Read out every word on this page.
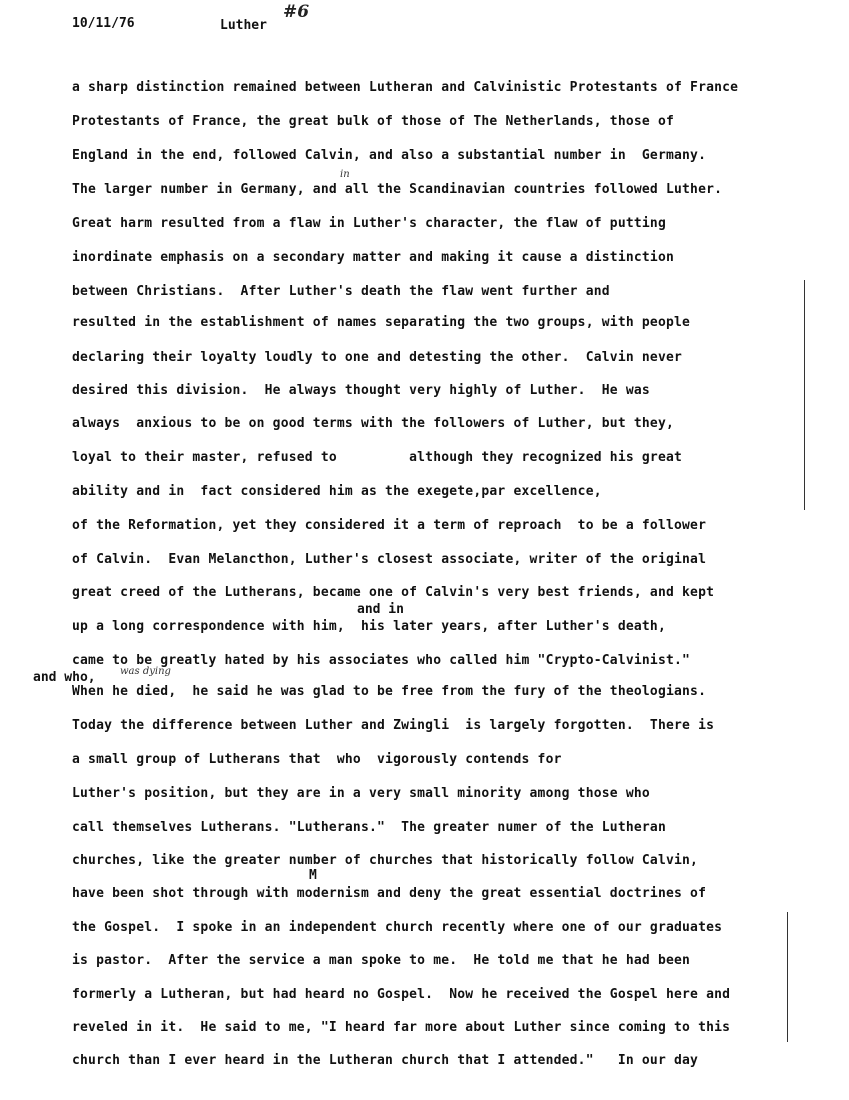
10/11/76	Luther
#6
a sharp distinction remained between Lutheran and Calvinistic Protestants of France
Protestants of France, the great bulk of those of The Netherlands, those of
England in the end, followed Calvin, and also a substantial number in  Germany.
The larger number in Germany, and all the Scandinavian countries followed Luther.
Great harm resulted from a flaw in Luther's character, the flaw of putting
inordinate emphasis on a secondary matter and making it cause a distinction
between Christians.  After Luther's death the flaw went further and
resulted in the establishment of names separating the two groups, with people
declaring their loyalty loudly to one and detesting the other.  Calvin never
desired this division.  He always thought very highly of Luther.  He was
always  anxious to be on good terms with the followers of Luther, but they,
loyal to their master, refused to         although they recognized his great
ability and in  fact considered him as the exegete,par excellence,
of the Reformation, yet they considered it a term of reproach  to be a follower
of Calvin.  Evan Melancthon, Luther's closest associate, writer of the original
great creed of the Lutherans, became one of Calvin's very best friends, and kept
up a long correspondence with him,  his later years, after Luther's death,
came to be greatly hated by his associates who called him "Crypto-Calvinist."
When he died,  he said he was glad to be free from the fury of the theologians.
Today the difference between Luther and Zwingli  is largely forgotten.  There is
a small group of Lutherans that  who  vigorously contends for
Luther's position, but they are in a very small minority among those who
call themselves Lutherans. "Lutherans."  The greater numer of the Lutheran
churches, like the greater number of churches that historically follow Calvin,
have been shot through with modernism and deny the great essential doctrines of
the Gospel.  I spoke in an independent church recently where one of our graduates
is pastor.  After the service a man spoke to me.  He told me that he had been
formerly a Lutheran, but had heard no Gospel.  Now he received the Gospel here and
reveled in it.  He said to me, "I heard far more about Luther since coming to this
church than I ever heard in the Lutheran church that I attended."   In our day
in
and in
and who, was dying
M
